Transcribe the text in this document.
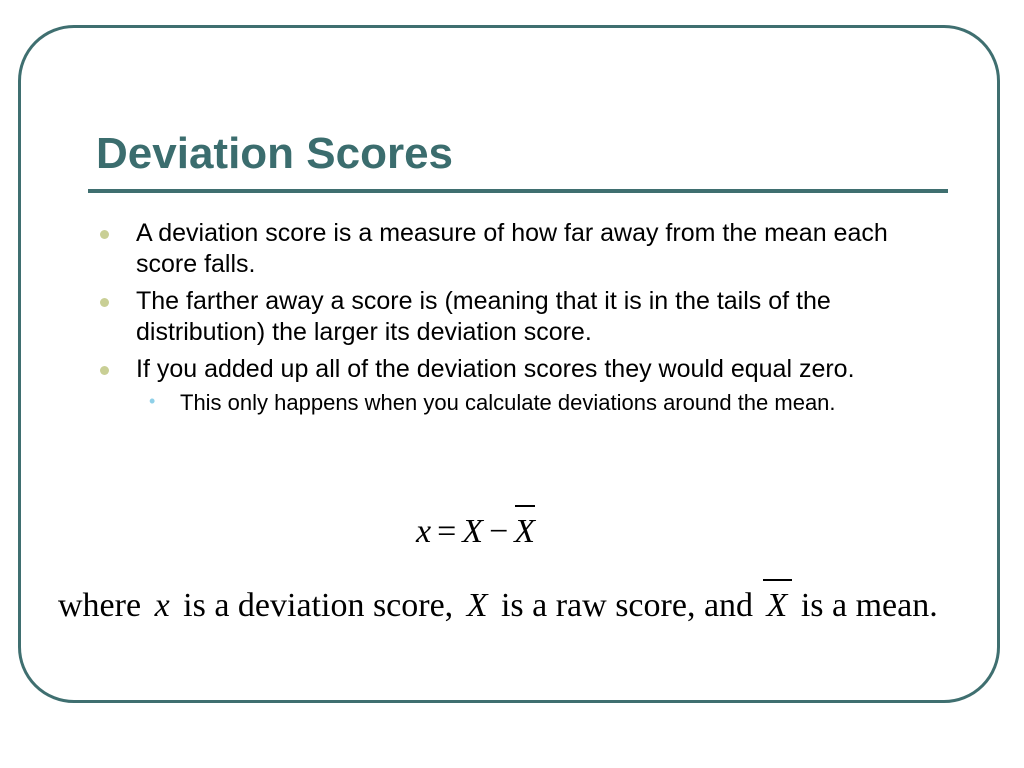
Deviation Scores
A deviation score is a measure of how far away from the mean each score falls.
The farther away a score is (meaning that it is in the tails of the distribution) the larger its deviation score.
If you added up all of the deviation scores they would equal zero.
• This only happens when you calculate deviations around the mean.
x = X − X
where x is a deviation score, X is a raw score, and X is a mean.
